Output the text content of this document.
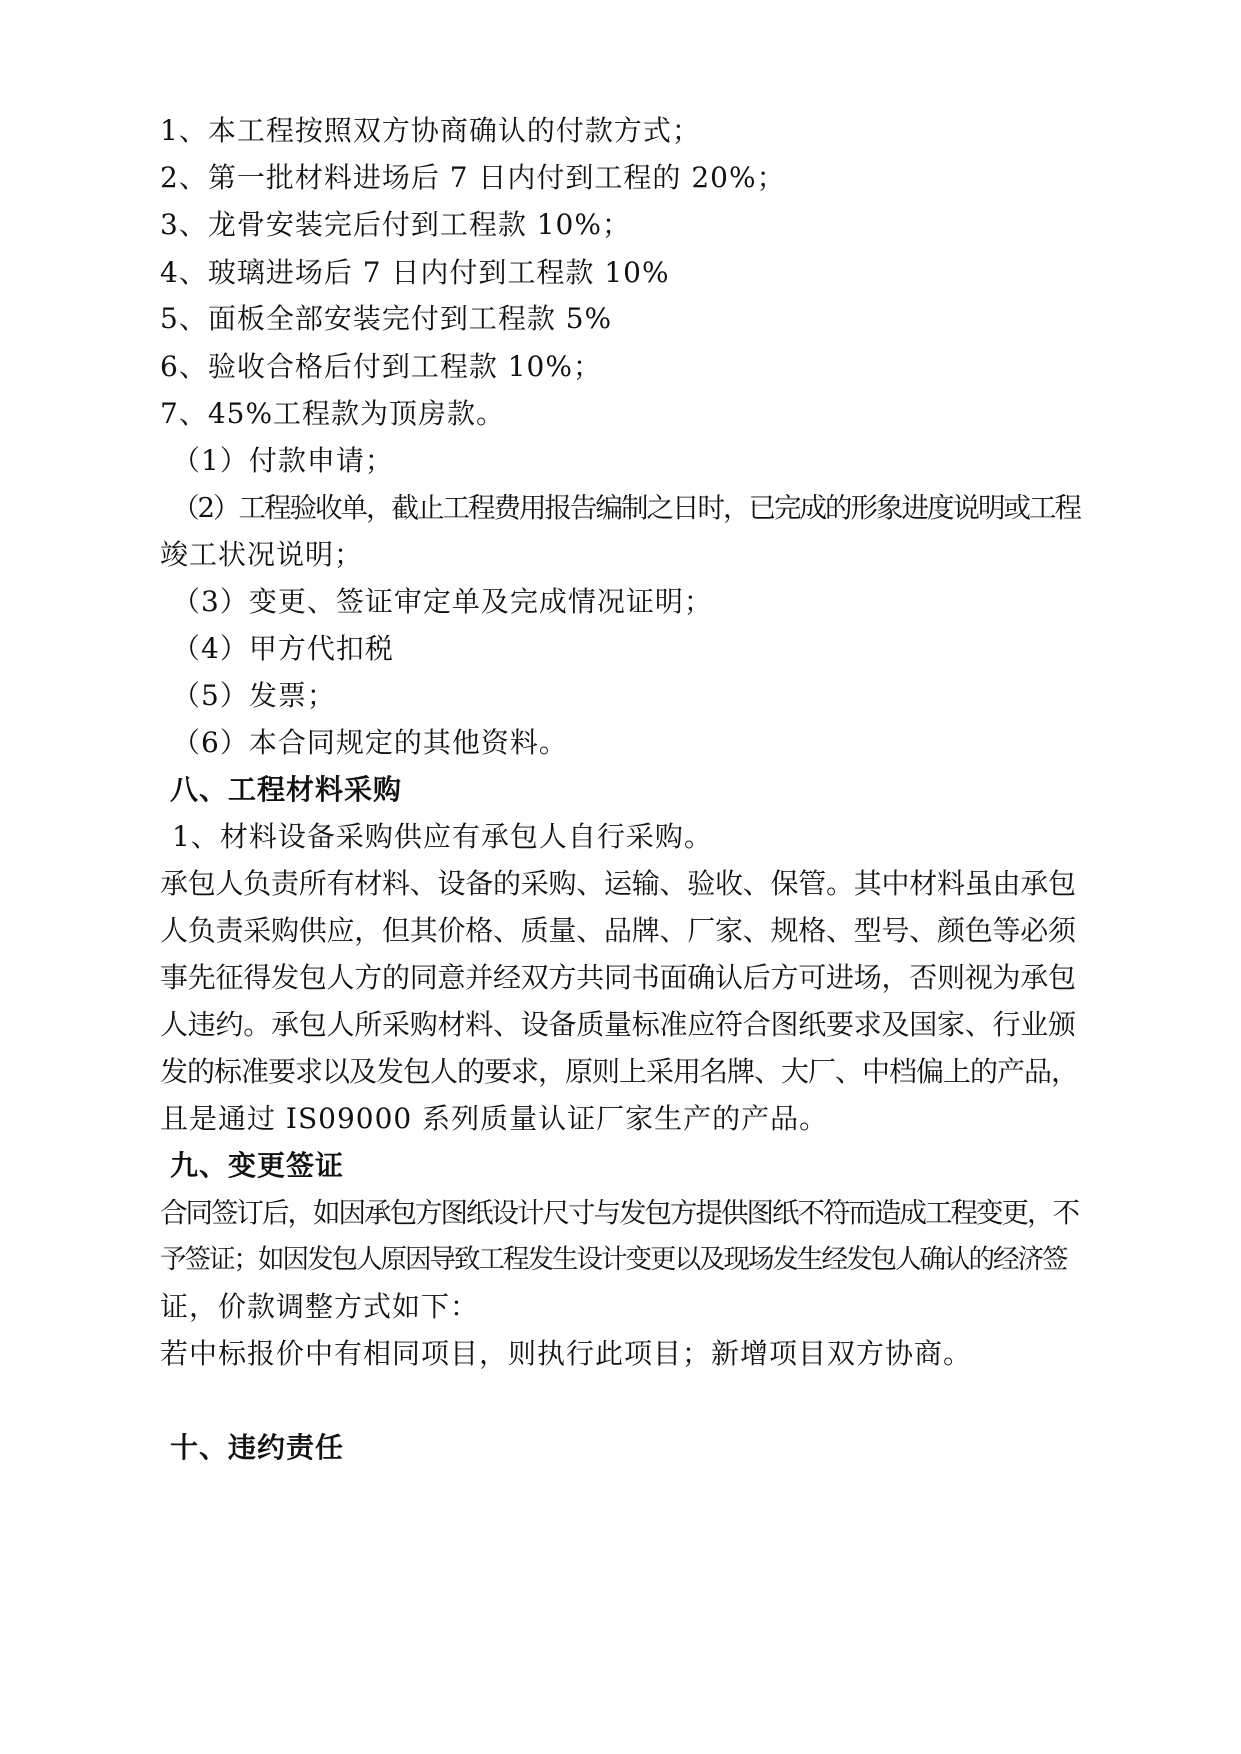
1、本工程按照双方协商确认的付款方式；

2、第一批材料进场后 7 日内付到工程的 20%；

3、龙骨安装完后付到工程款 10%；

4、玻璃进场后 7 日内付到工程款 10%

5、面板全部安装完付到工程款 5%

6、验收合格后付到工程款 10%；

7、45%工程款为顶房款。

（1）付款申请；

（2）工程验收单，截止工程费用报告编制之日时，已完成的形象进度说明或工程

竣工状况说明；

（3）变更、签证审定单及完成情况证明；

（4）甲方代扣税

（5）发票；

（6）本合同规定的其他资料。

八、工程材料采购

1、材料设备采购供应有承包人自行采购。

承包人负责所有材料、设备的采购、运输、验收、保管。其中材料虽由承包

人负责采购供应，但其价格、质量、品牌、厂家、规格、型号、颜色等必须

事先征得发包人方的同意并经双方共同书面确认后方可进场，否则视为承包

人违约。承包人所采购材料、设备质量标准应符合图纸要求及国家、行业颁

发的标准要求以及发包人的要求，原则上采用名牌、大厂、中档偏上的产品，

且是通过 IS09000 系列质量认证厂家生产的产品。

九、变更签证

合同签订后，如因承包方图纸设计尺寸与发包方提供图纸不符而造成工程变更，不

予签证；如因发包人原因导致工程发生设计变更以及现场发生经发包人确认的经济签

证，价款调整方式如下：

若中标报价中有相同项目，则执行此项目；新增项目双方协商。

十、违约责任
